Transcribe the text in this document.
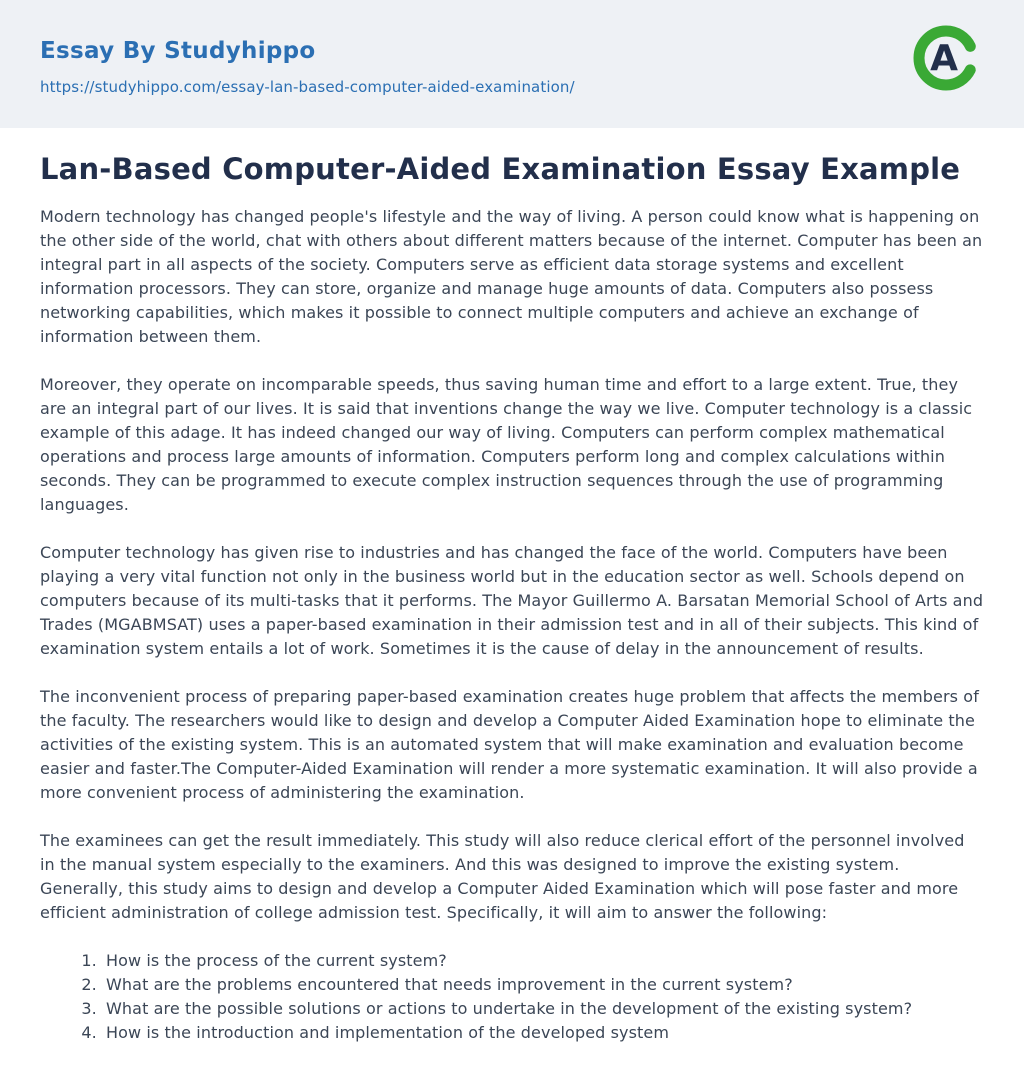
Essay By Studyhippo
https://studyhippo.com/essay-lan-based-computer-aided-examination/
A
Lan-Based Computer-Aided Examination Essay Example

Modern technology has changed people's lifestyle and the way of living. A person could know what is happening on the other side of the world, chat with others about different matters because of the internet. Computer has been an integral part in all aspects of the society. Computers serve as efficient data storage systems and excellent information processors. They can store, organize and manage huge amounts of data. Computers also possess networking capabilities, which makes it possible to connect multiple computers and achieve an exchange of information between them.

Moreover, they operate on incomparable speeds, thus saving human time and effort to a large extent. True, they are an integral part of our lives. It is said that inventions change the way we live. Computer technology is a classic example of this adage. It has indeed changed our way of living. Computers can perform complex mathematical operations and process large amounts of information. Computers perform long and complex calculations within seconds. They can be programmed to execute complex instruction sequences through the use of programming languages.

Computer technology has given rise to industries and has changed the face of the world. Computers have been playing a very vital function not only in the business world but in the education sector as well. Schools depend on computers because of its multi-tasks that it performs. The Mayor Guillermo A. Barsatan Memorial School of Arts and Trades (MGABMSAT) uses a paper-based examination in their admission test and in all of their subjects. This kind of examination system entails a lot of work. Sometimes it is the cause of delay in the announcement of results.

The inconvenient process of preparing paper-based examination creates huge problem that affects the members of the faculty. The researchers would like to design and develop a Computer Aided Examination hope to eliminate the activities of the existing system. This is an automated system that will make examination and evaluation become easier and faster.The Computer-Aided Examination will render a more systematic examination. It will also provide a more convenient process of administering the examination.

The examinees can get the result immediately. This study will also reduce clerical effort of the personnel involved in the manual system especially to the examiners. And this was designed to improve the existing system. Generally, this study aims to design and develop a Computer Aided Examination which will pose faster and more efficient administration of college admission test. Specifically, it will aim to answer the following:

1. How is the process of the current system?
2. What are the problems encountered that needs improvement in the current system?
3. What are the possible solutions or actions to undertake in the development of the existing system?
4. How is the introduction and implementation of the developed system
